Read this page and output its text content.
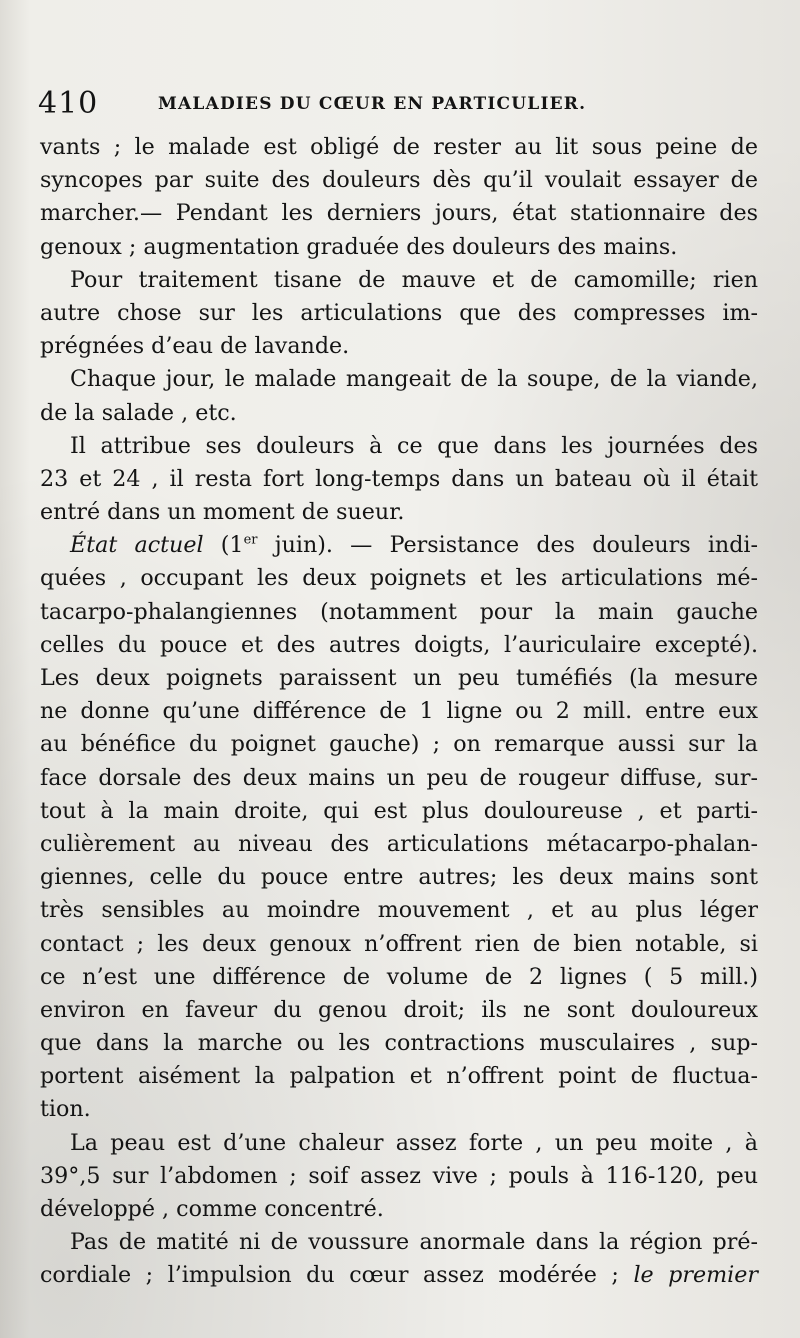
410	MALADIES DU CŒUR EN PARTICULIER.
vants ; le malade est obligé de rester au lit sous peine de
syncopes par suite des douleurs dès qu’il voulait essayer de
marcher.— Pendant les derniers jours, état stationnaire des
genoux ; augmentation graduée des douleurs des mains.
Pour traitement tisane de mauve et de camomille; rien
autre chose sur les articulations que des compresses im-
prégnées d’eau de lavande.
Chaque jour, le malade mangeait de la soupe, de la viande,
de la salade , etc.
Il attribue ses douleurs à ce que dans les journées des
23 et 24 , il resta fort long-temps dans un bateau où il était
entré dans un moment de sueur.
État actuel (1er juin). — Persistance des douleurs indi-
quées , occupant les deux poignets et les articulations mé-
tacarpo-phalangiennes (notamment pour la main gauche
celles du pouce et des autres doigts, l’auriculaire excepté).
Les deux poignets paraissent un peu tuméfiés (la mesure
ne donne qu’une différence de 1 ligne ou 2 mill. entre eux
au bénéfice du poignet gauche) ; on remarque aussi sur la
face dorsale des deux mains un peu de rougeur diffuse, sur-
tout à la main droite, qui est plus douloureuse , et parti-
culièrement au niveau des articulations métacarpo-phalan-
giennes, celle du pouce entre autres; les deux mains sont
très sensibles au moindre mouvement , et au plus léger
contact ; les deux genoux n’offrent rien de bien notable, si
ce n’est une différence de volume de 2 lignes ( 5 mill.)
environ en faveur du genou droit; ils ne sont douloureux
que dans la marche ou les contractions musculaires , sup-
portent aisément la palpation et n’offrent point de fluctua-
tion.
La peau est d’une chaleur assez forte , un peu moite , à
39°,5 sur l’abdomen ; soif assez vive ; pouls à 116-120, peu
développé , comme concentré.
Pas de matité ni de voussure anormale dans la région pré-
cordiale ; l’impulsion du cœur assez modérée ; le premier
